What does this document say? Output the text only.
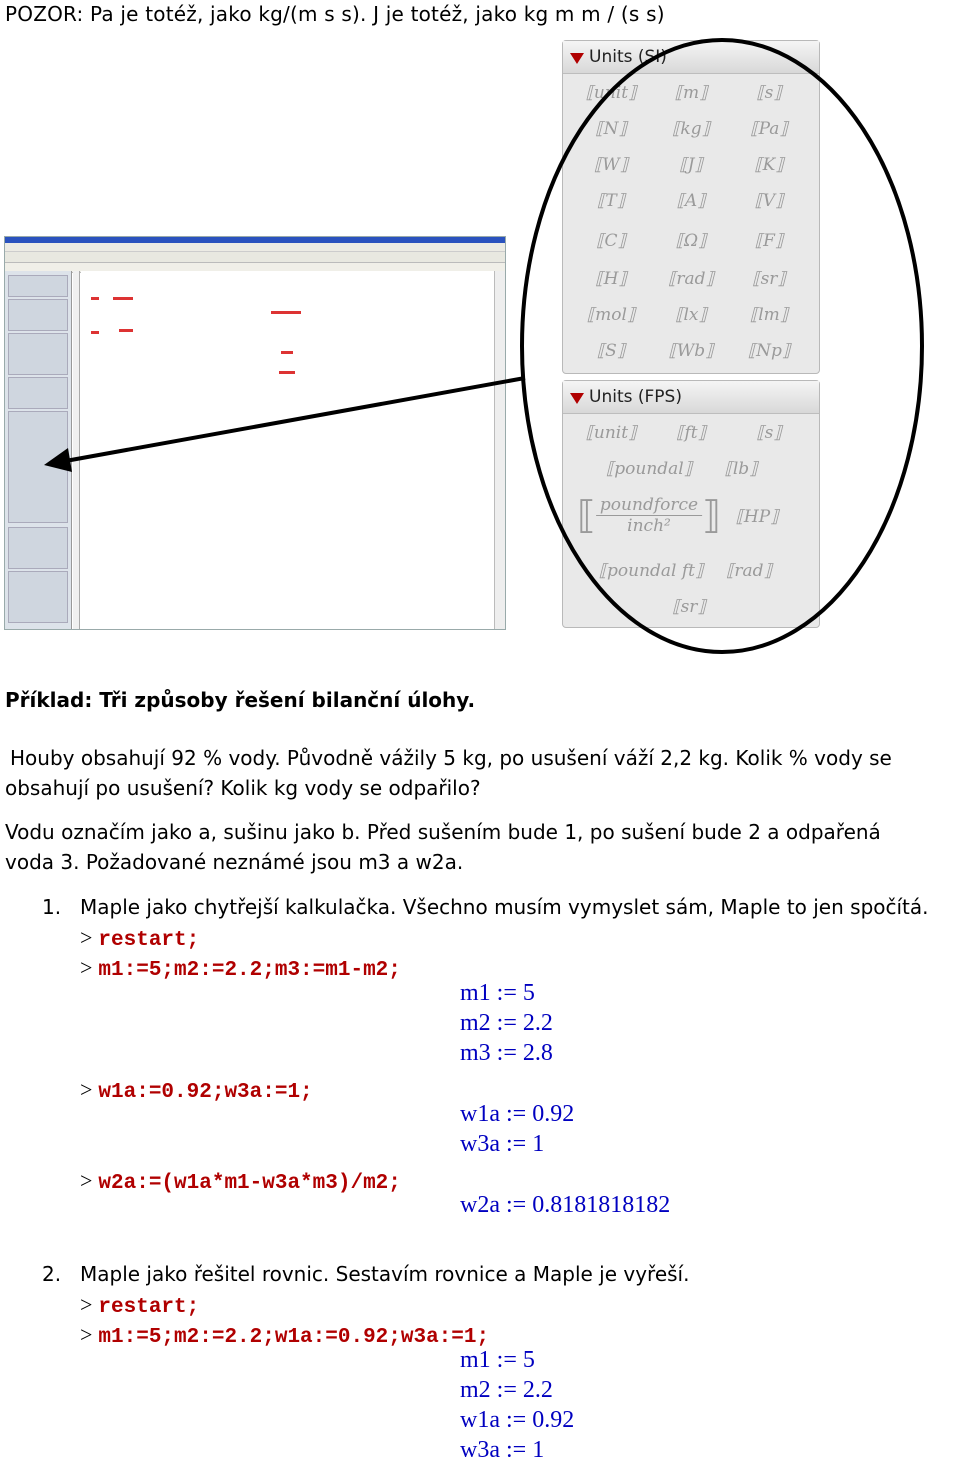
POZOR: Pa je totéž, jako kg/(m s s). J je totéž, jako kg m m / (s s)
Units (SI)
⟦unit⟧ ⟦m⟧	⟦s⟧
⟦N⟧	⟦kg⟧ ⟦Pa⟧
⟦W⟧	⟦J⟧	⟦K⟧
⟦T⟧	⟦A⟧	⟦V⟧
⟦C⟧	⟦Ω⟧	⟦F⟧
⟦H⟧ ⟦rad⟧ ⟦sr⟧
⟦mol⟧ ⟦lx⟧	⟦lm⟧
⟦S⟧	⟦Wb⟧ ⟦Np⟧
Units (FPS)
⟦unit⟧ ⟦ft⟧	⟦s⟧
⟦poundal⟧ ⟦lb⟧
⟦ poundforce
inch² ⟧ ⟦HP⟧
⟦poundal ft⟧ ⟦rad⟧
⟦sr⟧
Příklad: Tři způsoby řešení bilanční úlohy.
Houby obsahují 92 % vody. Původně vážily 5 kg, po usušení váží 2,2 kg. Kolik % vody se
obsahují po usušení? Kolik kg vody se odpařilo?
Vodu označím jako a, sušinu jako b. Před sušením bude 1, po sušení bude 2 a odpařená
voda 3. Požadované neznámé jsou m3 a w2a.
1. Maple jako chytřejší kalkulačka. Všechno musím vymyslet sám, Maple to jen spočítá.
> restart;
> m1:=5;m2:=2.2;m3:=m1-m2;
m1 := 5
m2 := 2.2
m3 := 2.8
> w1a:=0.92;w3a:=1;
w1a := 0.92
w3a := 1
> w2a:=(w1a*m1-w3a*m3)/m2;
w2a := 0.8181818182
2. Maple jako řešitel rovnic. Sestavím rovnice a Maple je vyřeší.
> restart;
> m1:=5;m2:=2.2;w1a:=0.92;w3a:=1;
m1 := 5
m2 := 2.2
w1a := 0.92
w3a := 1
